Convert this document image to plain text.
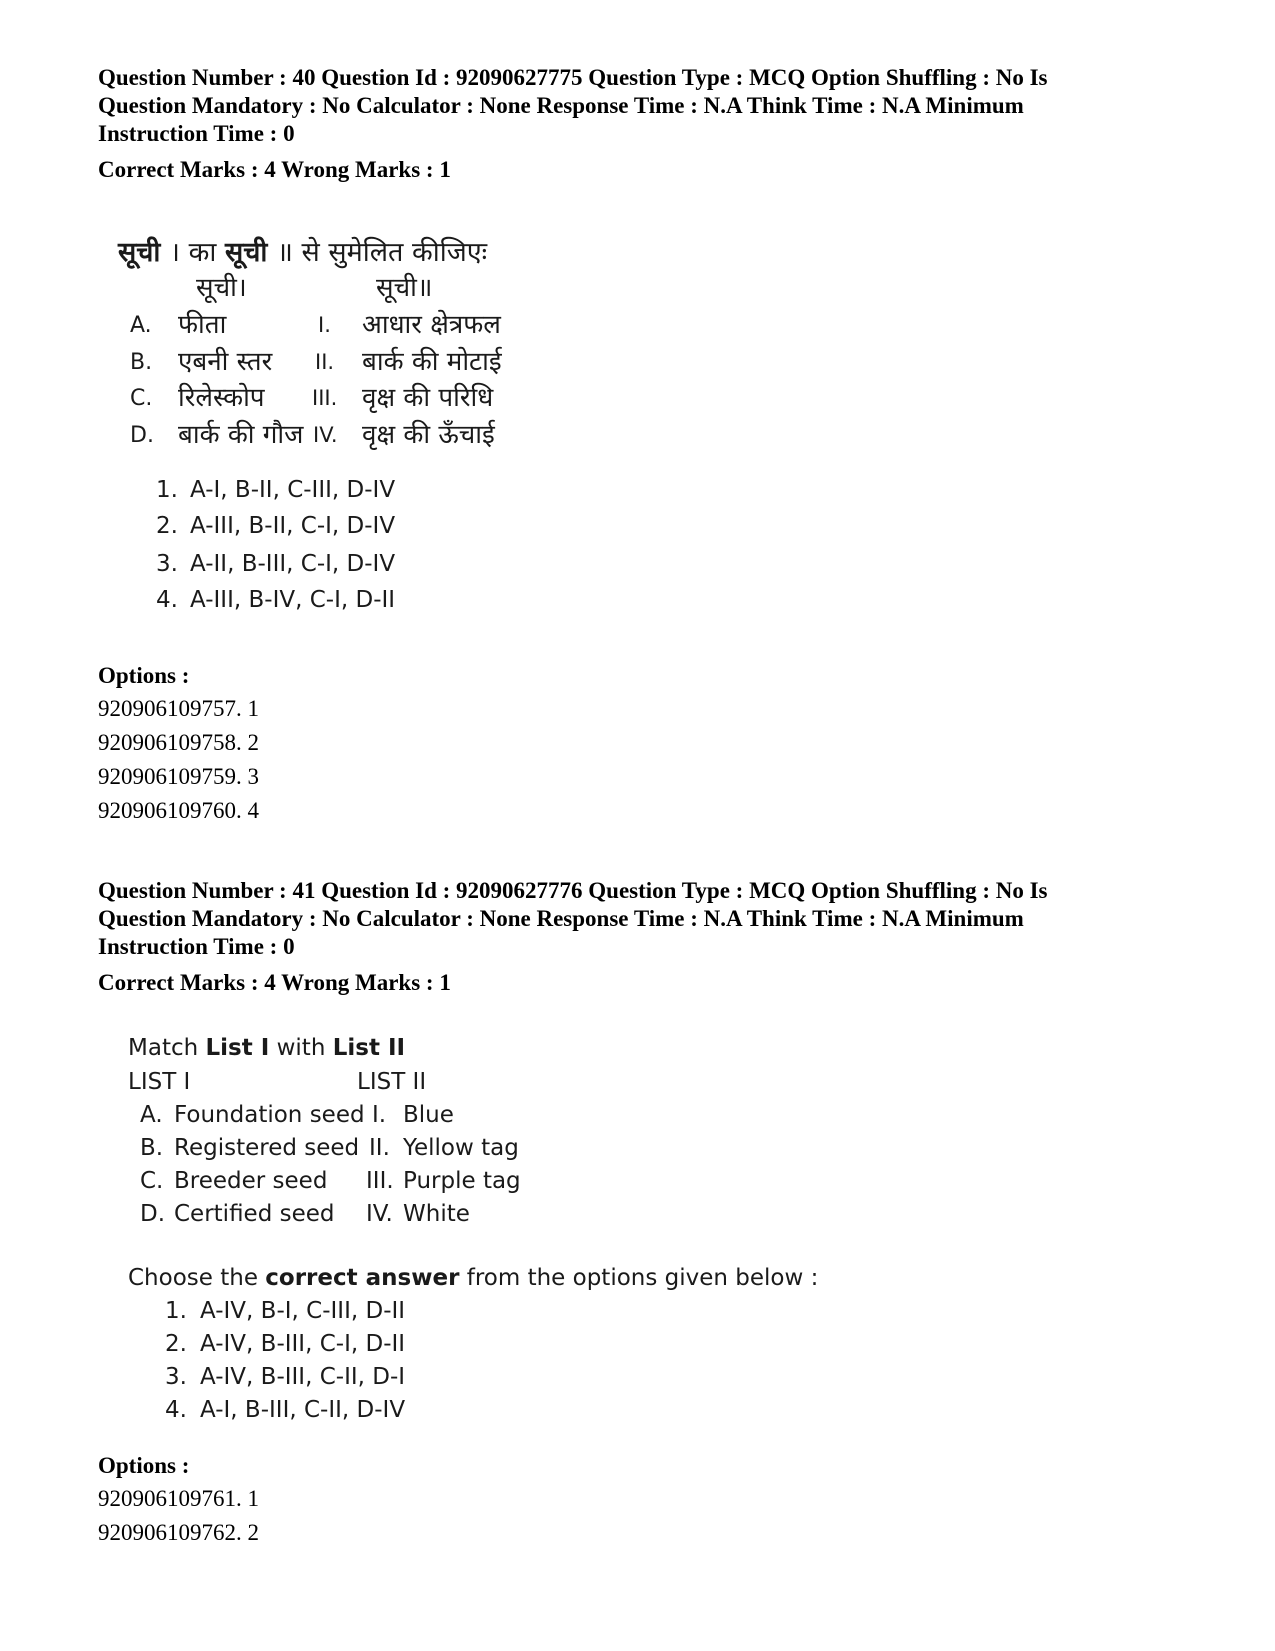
Question Number : 40 Question Id : 92090627775 Question Type : MCQ Option Shuffling : No Is
Question Mandatory : No Calculator : None Response Time : N.A Think Time : N.A Minimum
Instruction Time : 0
Correct Marks : 4 Wrong Marks : 1
सूची । का सूची ॥ से सुमेलित कीजिएः
सूची।	सूची॥
A. फीता	I. आधार क्षेत्रफल
B. एबनी स्तर II. बार्क की मोटाई
C. रिलेस्कोप III. वृक्ष की परिधि
D. बार्क की गौज IV. वृक्ष की ऊँचाई
1. A-I, B-II, C-III, D-IV
2. A-III, B-II, C-I, D-IV
3. A-II, B-III, C-I, D-IV
4. A-III, B-IV, C-I, D-II
Options :
920906109757. 1
920906109758. 2
920906109759. 3
920906109760. 4
Question Number : 41 Question Id : 92090627776 Question Type : MCQ Option Shuffling : No Is
Question Mandatory : No Calculator : None Response Time : N.A Think Time : N.A Minimum
Instruction Time : 0
Correct Marks : 4 Wrong Marks : 1
Match List I with List II
LIST I	LIST II
A. Foundation seed I. Blue
B. Registered seed II. Yellow tag
C. Breeder seed III. Purple tag
D. Certified seed IV. White
Choose the correct answer from the options given below :
1. A-IV, B-I, C-III, D-II
2. A-IV, B-III, C-I, D-II
3. A-IV, B-III, C-II, D-I
4. A-I, B-III, C-II, D-IV
Options :
920906109761. 1
920906109762. 2
